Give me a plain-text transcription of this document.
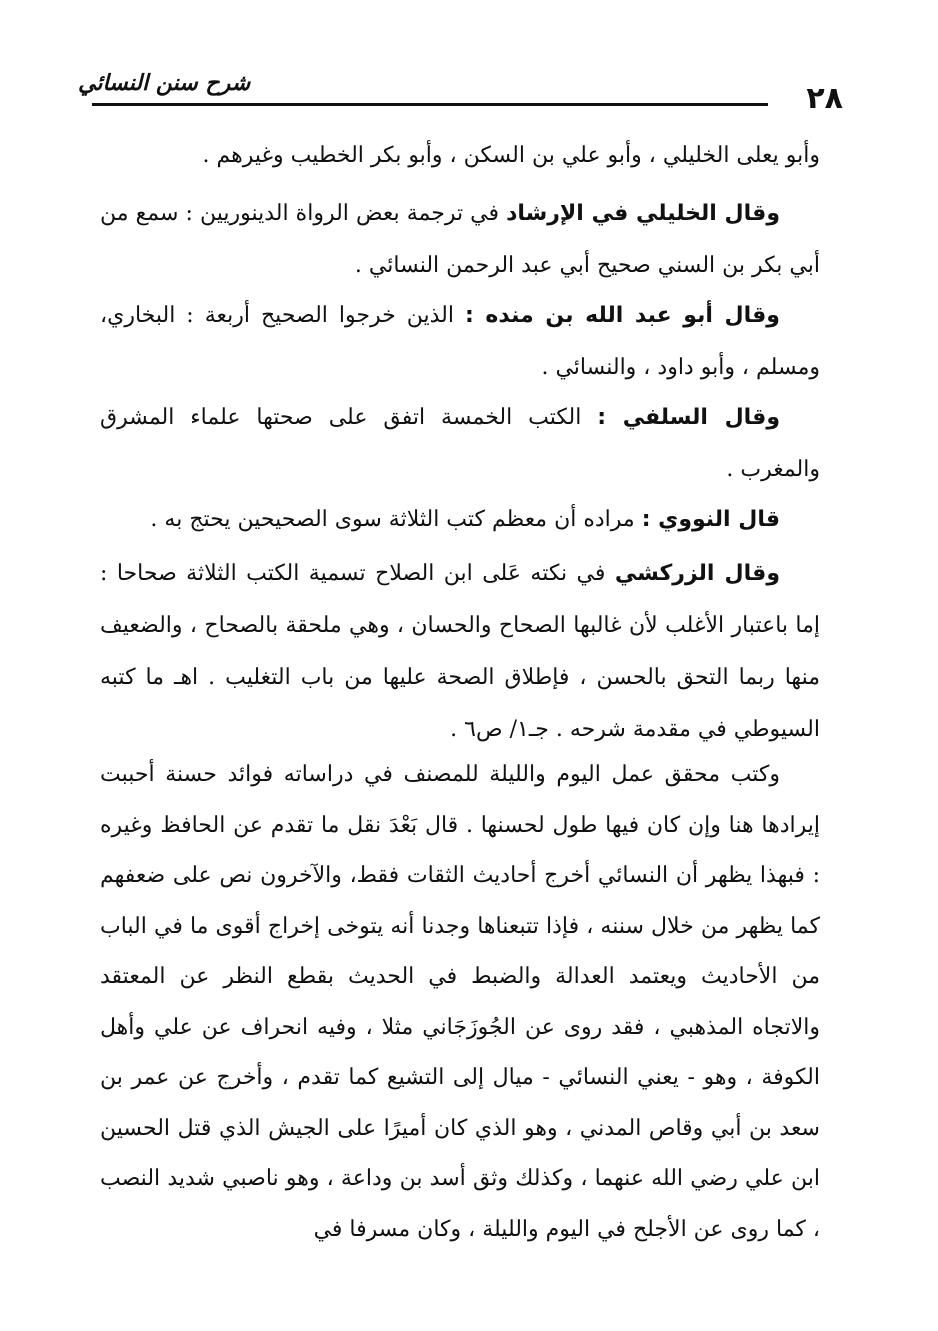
شرح سنن النسائي	٢٨
وأبو يعلى الخليلي ، وأبو علي بن السكن ، وأبو بكر الخطيب وغيرهم .
وقال الخليلي في الإرشاد في ترجمة بعض الرواة الدينوريين : سمع من أبي بكر بن السني صحيح أبي عبد الرحمن النسائي .
وقال أبو عبد الله بن منده : الذين خرجوا الصحيح أربعة : البخاري، ومسلم ، وأبو داود ، والنسائي .
وقال السلفي : الكتب الخمسة اتفق على صحتها علماء المشرق والمغرب .
قال النووي : مراده أن معظم كتب الثلاثة سوى الصحيحين يحتج به .
وقال الزركشي في نكته عَلى ابن الصلاح تسمية الكتب الثلاثة صحاحا : إما باعتبار الأغلب لأن غالبها الصحاح والحسان ، وهي ملحقة بالصحاح ، والضعيف منها ربما التحق بالحسن ، فإطلاق الصحة عليها من باب التغليب . اهـ ما كتبه السيوطي في مقدمة شرحه . جـ١/ ص٦ .
وكتب محقق عمل اليوم والليلة للمصنف في دراساته فوائد حسنة أحببت إيرادها هنا وإن كان فيها طول لحسنها . قال بَعْدَ نقل ما تقدم عن الحافظ وغيره : فبهذا يظهر أن النسائي أخرج أحاديث الثقات فقط، والآخرون نص على ضعفهم كما يظهر من خلال سننه ، فإذا تتبعناها وجدنا أنه يتوخى إخراج أقوى ما في الباب من الأحاديث ويعتمد العدالة والضبط في الحديث بقطع النظر عن المعتقد والاتجاه المذهبي ، فقد روى عن الجُوزَجَاني مثلا ، وفيه انحراف عن علي وأهل الكوفة ، وهو - يعني النسائي - ميال إلى التشيع كما تقدم ، وأخرج عن عمر بن سعد بن أبي وقاص المدني ، وهو الذي كان أميرًا على الجيش الذي قتل الحسين ابن علي رضي الله عنهما ، وكذلك وثق أسد بن وداعة ، وهو ناصبي شديد النصب ، كما روى عن الأجلح في اليوم والليلة ، وكان مسرفا في
